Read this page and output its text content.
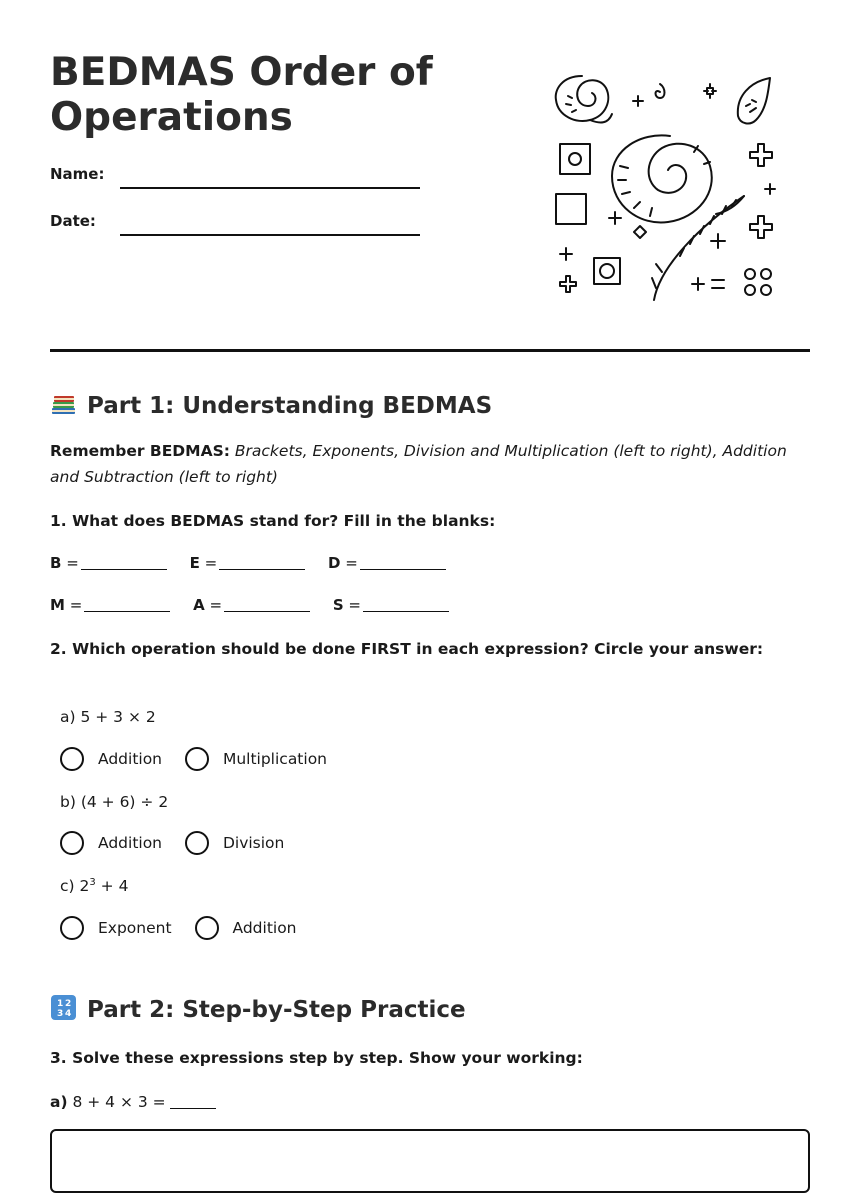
BEDMAS Order of Operations
Name:
Date:
Part 1: Understanding BEDMAS

Remember BEDMAS: Brackets, Exponents, Division and Multiplication (left to right), Addition and Subtraction (left to right)

1. What does BEDMAS stand for? Fill in the blanks:

B =	E =	D =
M =	A =	S =

2. Which operation should be done FIRST in each expression? Circle your answer:

a) 5 + 3 × 2
Addition	Multiplication
b) (4 + 6) ÷ 2
Addition	Division
c) $2^3 + 4$
Exponent	Addition
1 2
3 4 Part 2: Step-by-Step Practice

3. Solve these expressions step by step. Show your working:

a) 8 + 4 × 3 =
